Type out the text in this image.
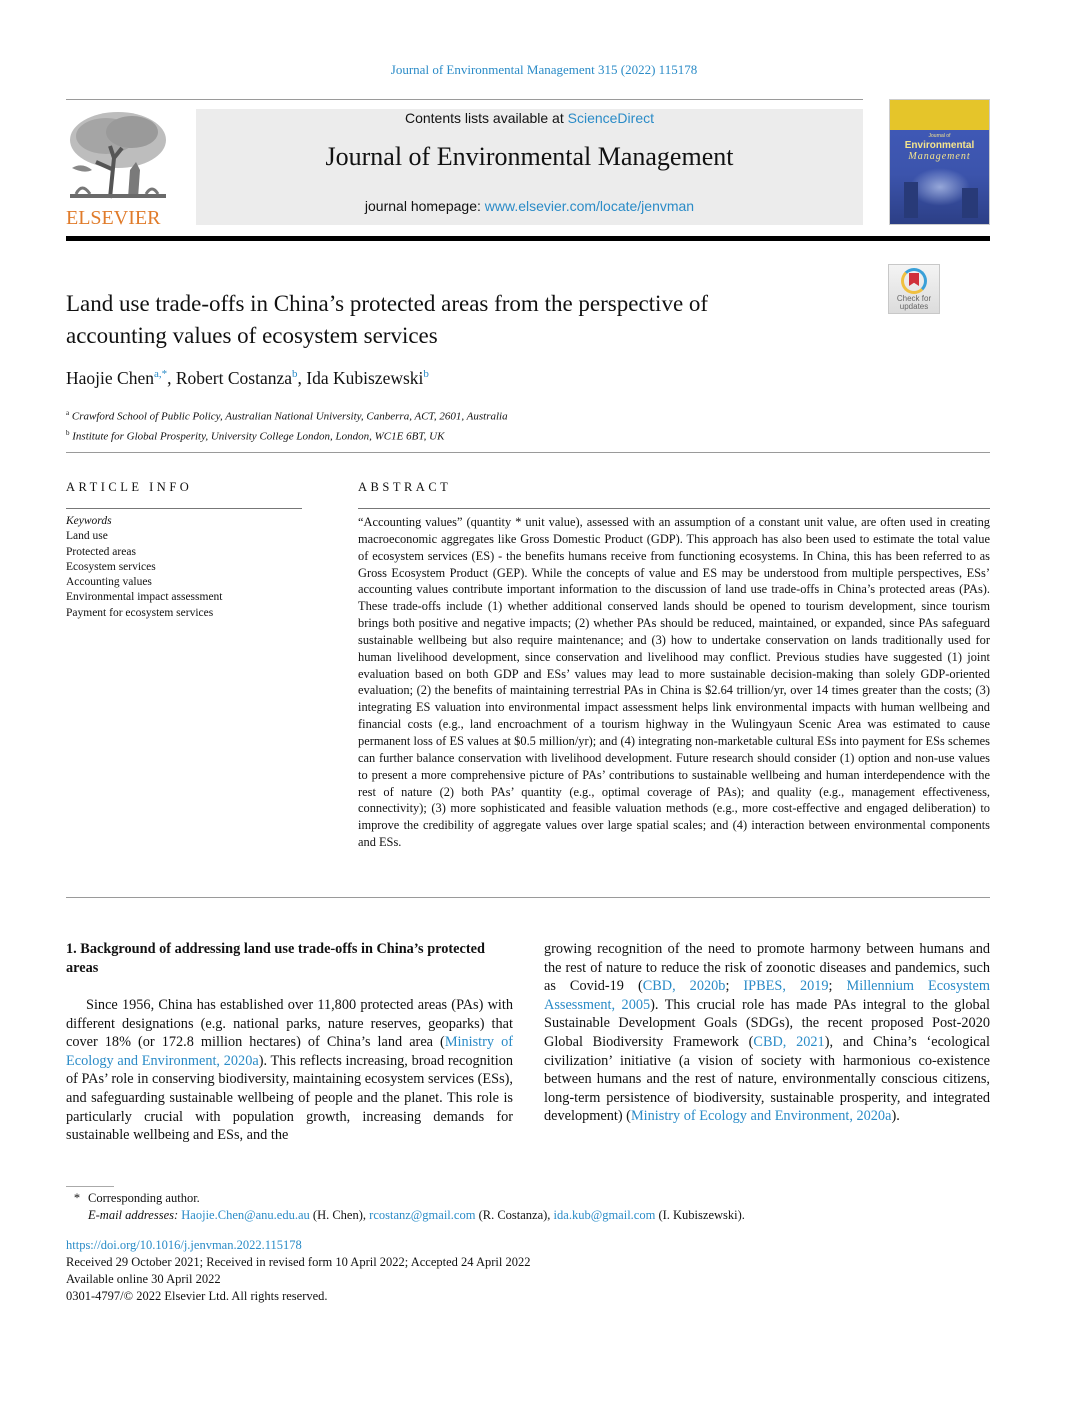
Journal of Environmental Management 315 (2022) 115178
ELSEVIER
Contents lists available at ScienceDirect
Journal of Environmental Management
journal homepage: www.elsevier.com/locate/jenvman
Journal of
Environmental
Management
Check for
updates
Land use trade-offs in China’s protected areas from the perspective of
accounting values of ecosystem services
Haojie Chen$^{a,*}$, Robert Costanza$^b$, Ida Kubiszewski$^b$
$^a$ Crawford School of Public Policy, Australian National University, Canberra, ACT, 2601, Australia
$^b$ Institute for Global Prosperity, University College London, London, WC1E 6BT, UK
ARTICLE INFO	ABSTRACT
Keywords
Land use
Protected areas
Ecosystem services
Accounting values
Environmental impact assessment
Payment for ecosystem services
“Accounting values” (quantity * unit value), assessed with an assumption of a constant unit value, are often used in creating macroeconomic aggregates like Gross Domestic Product (GDP). This approach has also been used to estimate the total value of ecosystem services (ES) - the benefits humans receive from functioning ecosystems. In China, this has been referred to as Gross Ecosystem Product (GEP). While the concepts of value and ES may be understood from multiple perspectives, ESs’ accounting values contribute important information to the discussion of land use trade-offs in China’s protected areas (PAs). These trade-offs include (1) whether additional conserved lands should be opened to tourism development, since tourism brings both positive and negative impacts; (2) whether PAs should be reduced, maintained, or expanded, since PAs safeguard sustainable wellbeing but also require maintenance; and (3) how to undertake conservation on lands traditionally used for human livelihood development, since conservation and livelihood may conflict. Previous studies have suggested (1) joint evaluation based on both GDP and ESs’ values may lead to more sustainable decision-making than solely GDP-oriented evaluation; (2) the benefits of maintaining terrestrial PAs in China is $2.64 trillion/yr, over 14 times greater than the costs; (3) integrating ES valuation into environmental impact assessment helps link environmental impacts with human wellbeing and financial costs (e.g., land encroachment of a tourism highway in the Wulingyaun Scenic Area was estimated to cause permanent loss of ES values at $0.5 million/yr); and (4) integrating non-marketable cultural ESs into payment for ESs schemes can further balance conservation with livelihood development. Future research should consider (1) option and non-use values to present a more comprehensive picture of PAs’ contributions to sustainable wellbeing and human interdependence with the rest of nature (2) both PAs’ quantity (e.g., optimal coverage of PAs); and quality (e.g., management effectiveness, connectivity); (3) more sophisticated and feasible valuation methods (e.g., more cost-effective and engaged deliberation) to improve the credibility of aggregate values over large spatial scales; and (4) interaction between environmental components and ESs.
1. Background of addressing land use trade-offs in China’s protected areas
Since 1956, China has established over 11,800 protected areas (PAs) with different designations (e.g. national parks, nature reserves, geoparks) that cover 18% (or 172.8 million hectares) of China’s land area (Ministry of Ecology and Environment, 2020a). This reflects increasing, broad recognition of PAs’ role in conserving biodiversity, maintaining ecosystem services (ESs), and safeguarding sustainable wellbeing of people and the planet. This role is particularly crucial with population growth, increasing demands for sustainable wellbeing and ESs, and the
growing recognition of the need to promote harmony between humans and the rest of nature to reduce the risk of zoonotic diseases and pandemics, such as Covid-19 (CBD, 2020b; IPBES, 2019; Millennium Ecosystem Assessment, 2005). This crucial role has made PAs integral to the global Sustainable Development Goals (SDGs), the recent proposed Post-2020 Global Biodiversity Framework (CBD, 2021), and China’s ‘ecological civilization’ initiative (a vision of society with harmonious co-existence between humans and the rest of nature, environmentally conscious citizens, long-term persistence of biodiversity, sustainable prosperity, and integrated development) (Ministry of Ecology and Environment, 2020a).
* Corresponding author.
E-mail addresses: Haojie.Chen@anu.edu.au (H. Chen), rcostanz@gmail.com (R. Costanza), ida.kub@gmail.com (I. Kubiszewski).
https://doi.org/10.1016/j.jenvman.2022.115178
Received 29 October 2021; Received in revised form 10 April 2022; Accepted 24 April 2022
Available online 30 April 2022
0301-4797/© 2022 Elsevier Ltd. All rights reserved.
